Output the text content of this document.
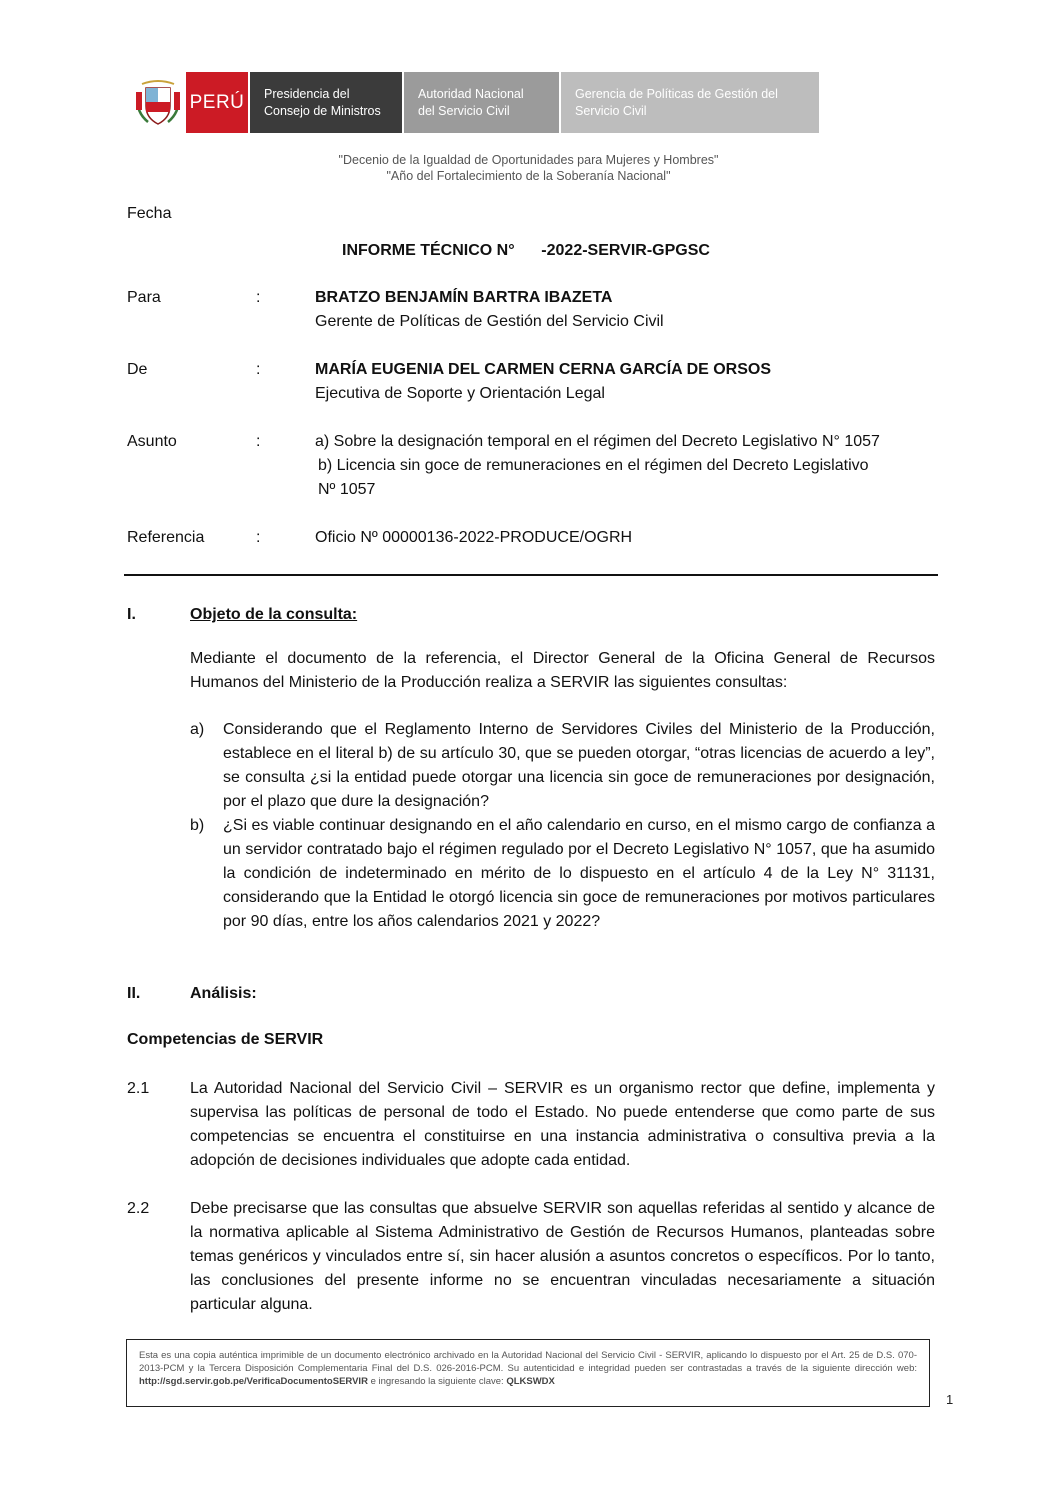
PERÚ Presidencia del
Consejo de Ministros
Autoridad Nacional
del Servicio Civil
Gerencia de Políticas de Gestión del
Servicio Civil
"Decenio de la Igualdad de Oportunidades para Mujeres y Hombres"
"Año del Fortalecimiento de la Soberanía Nacional"
Fecha
INFORME TÉCNICO N°      -2022-SERVIR-GPGSC
Para	:	BRATZO BENJAMÍN BARTRA IBAZETA
Gerente de Políticas de Gestión del Servicio Civil
De	:	MARÍA EUGENIA DEL CARMEN CERNA GARCÍA DE ORSOS
Ejecutiva de Soporte y Orientación Legal
Asunto	:	a) Sobre la designación temporal en el régimen del Decreto Legislativo N° 1057
b) Licencia sin goce de remuneraciones en el régimen del Decreto Legislativo
Nº 1057
Referencia	:	Oficio Nº 00000136-2022-PRODUCE/OGRH
I.	Objeto de la consulta:
Mediante el documento de la referencia, el Director General de la Oficina General de Recursos Humanos del Ministerio de la Producción realiza a SERVIR las siguientes consultas:
a) Considerando que el Reglamento Interno de Servidores Civiles del Ministerio de la Producción, establece en el literal b) de su artículo 30, que se pueden otorgar, “otras licencias de acuerdo a ley”, se consulta ¿si la entidad puede otorgar una licencia sin goce de remuneraciones por designación, por el plazo que dure la designación?
b) ¿Si es viable continuar designando en el año calendario en curso, en el mismo cargo de confianza a un servidor contratado bajo el régimen regulado por el Decreto Legislativo N° 1057, que ha asumido la condición de indeterminado en mérito de lo dispuesto en el artículo 4 de la Ley N° 31131, considerando que la Entidad le otorgó licencia sin goce de remuneraciones por motivos particulares por 90 días, entre los años calendarios 2021 y 2022?
II.	Análisis:
Competencias de SERVIR
2.1	La Autoridad Nacional del Servicio Civil – SERVIR es un organismo rector que define, implementa y supervisa las políticas de personal de todo el Estado. No puede entenderse que como parte de sus competencias se encuentra el constituirse en una instancia administrativa o consultiva previa a la adopción de decisiones individuales que adopte cada entidad.
2.2	Debe precisarse que las consultas que absuelve SERVIR son aquellas referidas al sentido y alcance de la normativa aplicable al Sistema Administrativo de Gestión de Recursos Humanos, planteadas sobre temas genéricos y vinculados entre sí, sin hacer alusión a asuntos concretos o específicos. Por lo tanto, las conclusiones del presente informe no se encuentran vinculadas necesariamente a situación particular alguna.
Esta es una copia auténtica imprimible de un documento electrónico archivado en la Autoridad Nacional del Servicio Civil - SERVIR, aplicando lo dispuesto por el Art. 25 de D.S. 070-2013-PCM y la Tercera Disposición Complementaria Final del D.S. 026-2016-PCM. Su autenticidad e integridad pueden ser contrastadas a través de la siguiente dirección web: http://sgd.servir.gob.pe/VerificaDocumentoSERVIR e ingresando la siguiente clave: QLKSWDX
1
